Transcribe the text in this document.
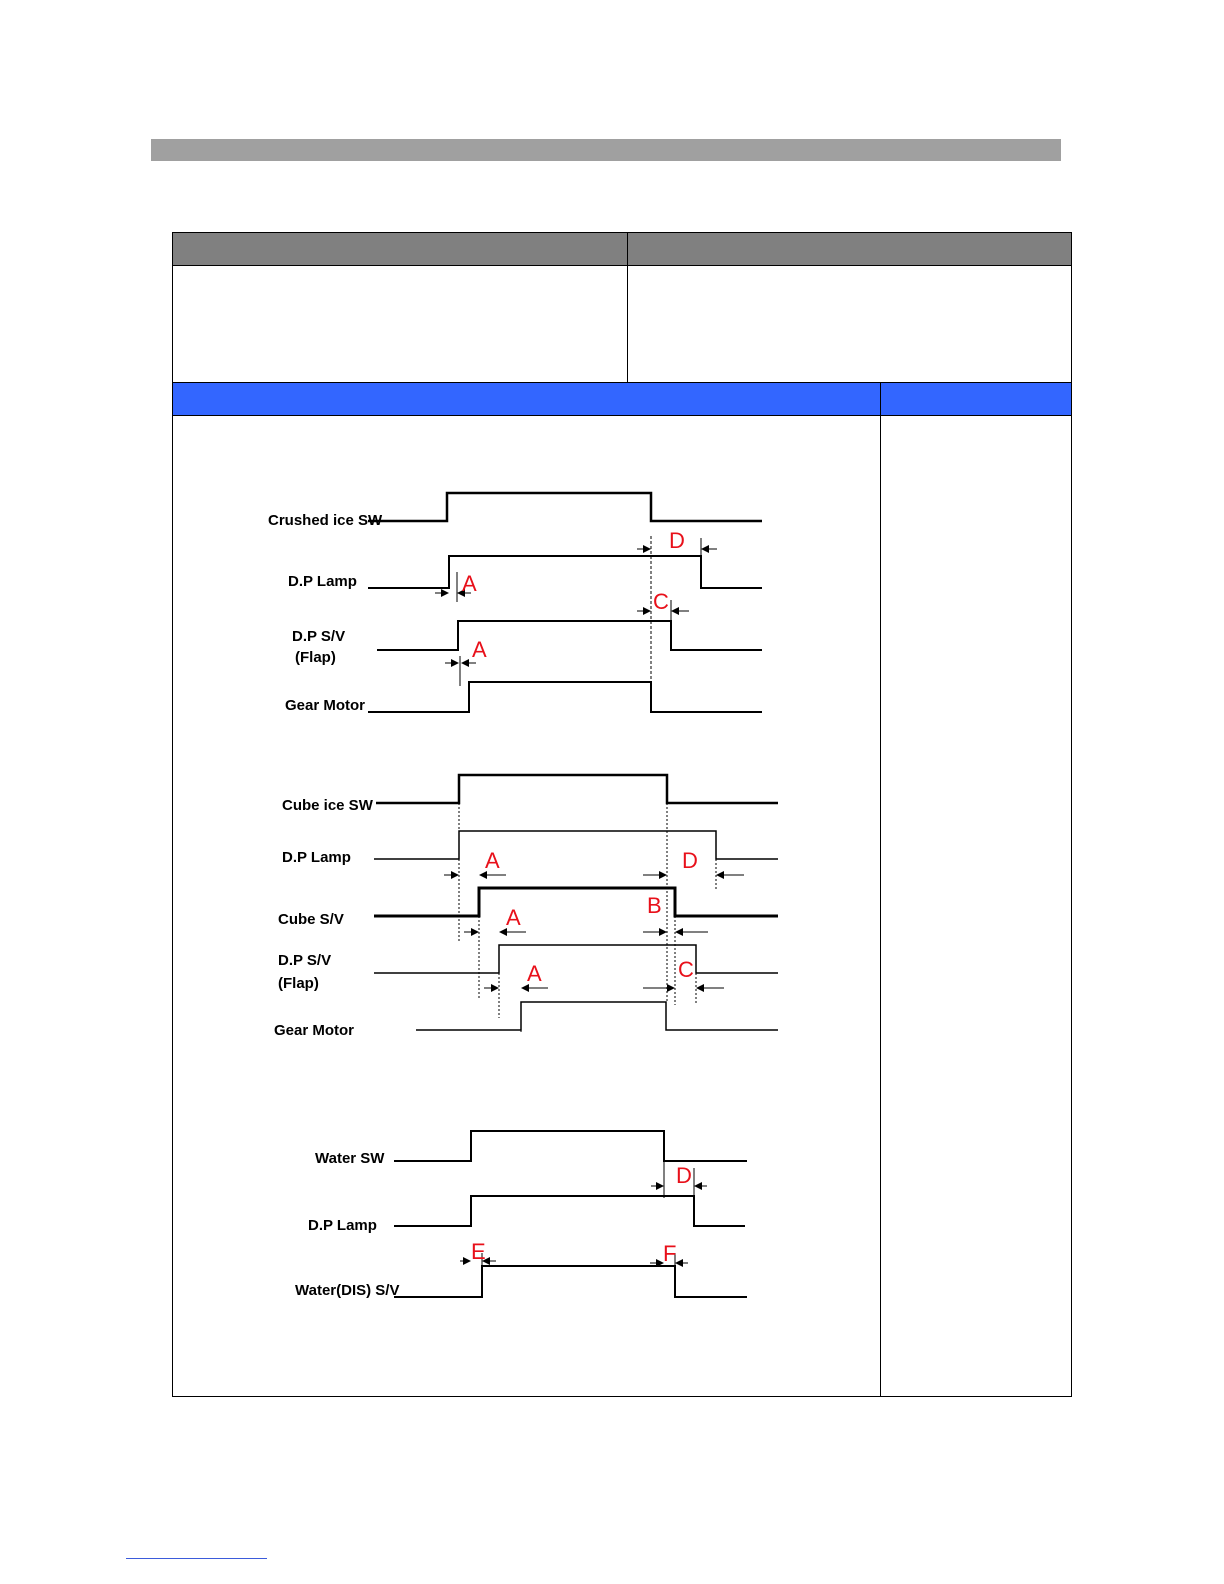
Crushed ice SW
D.P Lamp
D.P S/V
(Flap)
Gear Motor
D
A
C
A
Cube ice SW
D.P Lamp
Cube S/V
D.P S/V
(Flap)
Gear Motor
A	D
A	B
A	C
Water SW
D.P Lamp
Water(DIS) S/V
D
E	F
